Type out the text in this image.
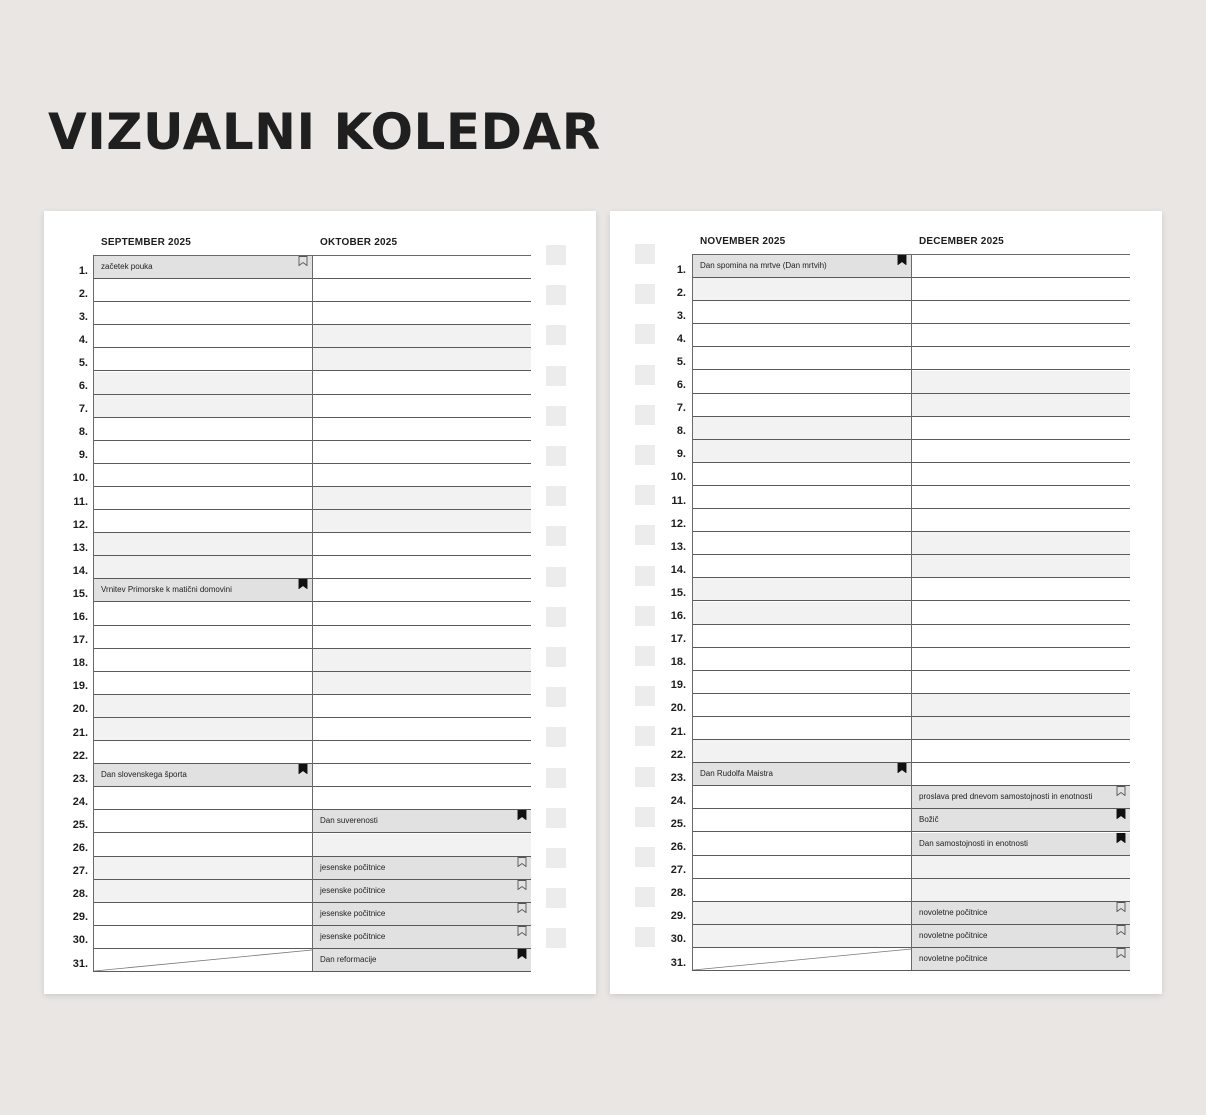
VIZUALNI KOLEDAR
1.
2.
3.
4.
5.
6.
7.
8.
9.
10.
11.
12.
13.
14.
15.
16.
17.
18.
19.
20.
21.
22.
23.
24.
25.
26.
27.
28.
29.
30.
31.
SEPTEMBER 2025
začetek pouka
Vrnitev Primorske k matični domovini
Dan slovenskega športa
OKTOBER 2025
Dan suverenosti
jesenske počitnice
jesenske počitnice
jesenske počitnice
jesenske počitnice
Dan reformacije
1.
2.
3.
4.
5.
6.
7.
8.
9.
10.
11.
12.
13.
14.
15.
16.
17.
18.
19.
20.
21.
22.
23.
24.
25.
26.
27.
28.
29.
30.
31.
NOVEMBER 2025
Dan spomina na mrtve (Dan mrtvih)
Dan Rudolfa Maistra
DECEMBER 2025
proslava pred dnevom samostojnosti in enotnosti
Božič
Dan samostojnosti in enotnosti
novoletne počitnice
novoletne počitnice
novoletne počitnice
